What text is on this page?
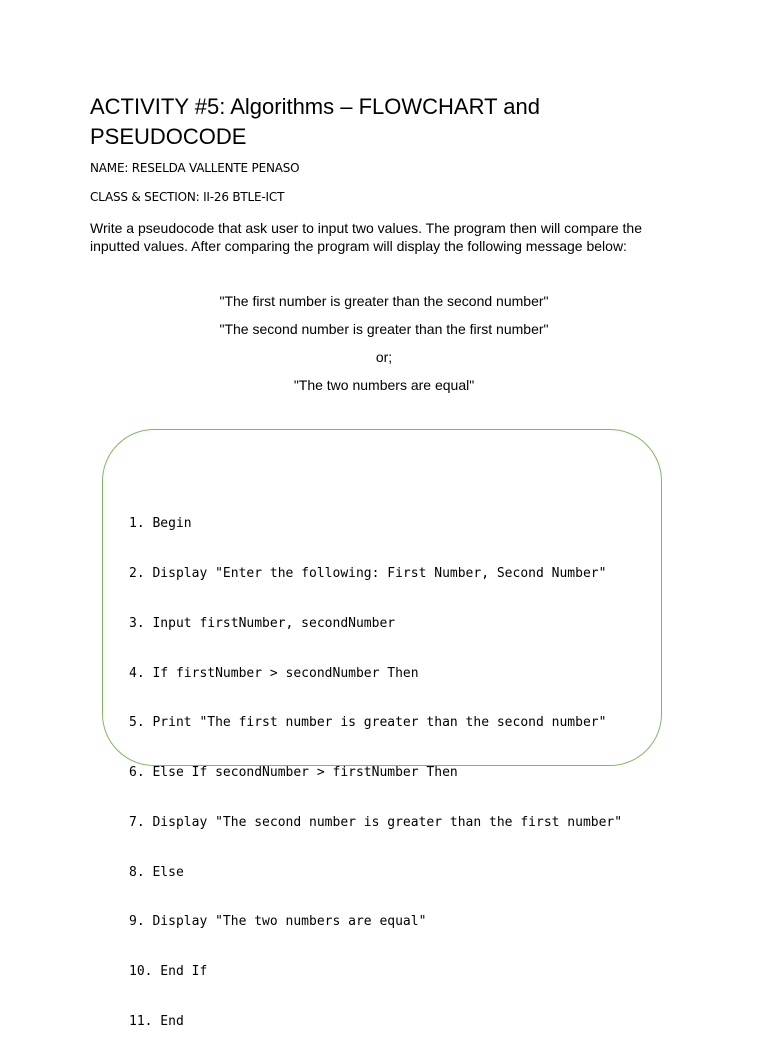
ACTIVITY #5: Algorithms – FLOWCHART and PSEUDOCODE
NAME: RESELDA VALLENTE PENASO
CLASS & SECTION: II-26 BTLE-ICT

Write a pseudocode that ask user to input two values. The program then will compare the inputted values. After comparing the program will display the following message below:

"The first number is greater than the second number"
"The second number is greater than the first number"
or;
"The two numbers are equal"

1. Begin

2. Display "Enter the following: First Number, Second Number"

3. Input firstNumber, secondNumber

4. If firstNumber > secondNumber Then

5. Print "The first number is greater than the second number"

6. Else If secondNumber > firstNumber Then

7. Display "The second number is greater than the first number"

8. Else

9. Display "The two numbers are equal"

10. End If

11. End
